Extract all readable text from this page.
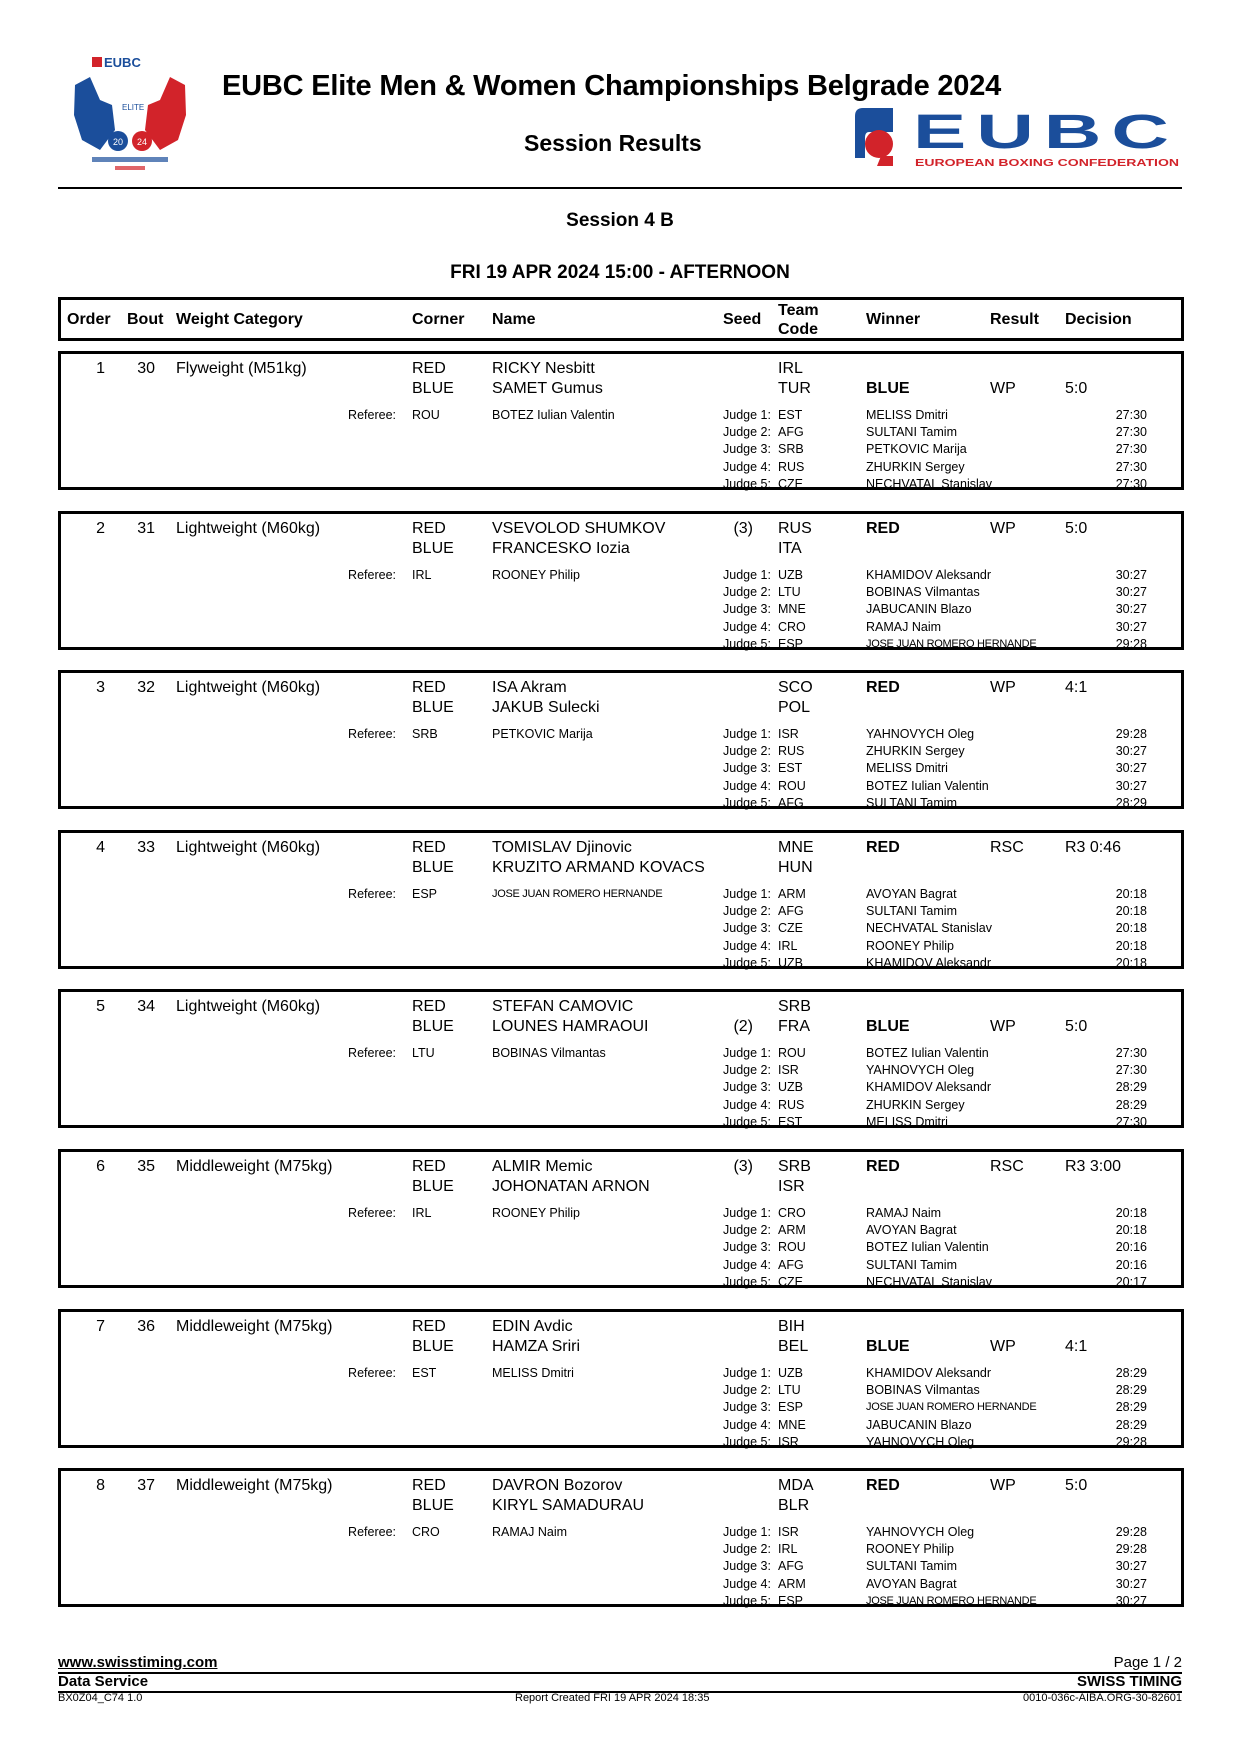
EUBC
ELITE
20 24
EUBC Elite Men & Women Championships Belgrade 2024
Session Results	EUBC
EUROPEAN BOXING CONFEDERATION
Session 4 B
FRI 19 APR 2024 15:00 - AFTERNOON
Order Bout Weight Category	Corner Name	Seed
Team
Code
Winner	Result Decision
1	30 Flyweight (M51kg)	RED	RICKY Nesbitt	IRL
BLUE SAMET Gumus	TUR	BLUE	WP	5:0
Referee: ROU	BOTEZ Iulian Valentin	Judge 1: EST	MELISS Dmitri	27:30
Judge 2: AFG	SULTANI Tamim	27:30
Judge 3: SRB	PETKOVIC Marija	27:30
Judge 4: RUS	ZHURKIN Sergey	27:30
Judge 5: CZE	NECHVATAL Stanislav	27:30
2	31 Lightweight (M60kg)	RED	VSEVOLOD SHUMKOV	(3) RUS
BLUE FRANCESKO Iozia	ITA
RED	WP	5:0
Referee: IRL	ROONEY Philip	Judge 1: UZB	KHAMIDOV Aleksandr	30:27
Judge 2: LTU	BOBINAS Vilmantas	30:27
Judge 3: MNE	JABUCANIN Blazo	30:27
Judge 4: CRO	RAMAJ Naim	30:27
Judge 5: ESP	JOSE JUAN ROMERO HERNANDE	29:28
3	32 Lightweight (M60kg)	RED	ISA Akram	SCO
BLUE JAKUB Sulecki	POL
RED	WP	4:1
Referee: SRB	PETKOVIC Marija	Judge 1: ISR	YAHNOVYCH Oleg	29:28
Judge 2: RUS	ZHURKIN Sergey	30:27
Judge 3: EST	MELISS Dmitri	30:27
Judge 4: ROU	BOTEZ Iulian Valentin	30:27
Judge 5: AFG	SULTANI Tamim	28:29
4	33 Lightweight (M60kg)	RED	TOMISLAV Djinovic	MNE
BLUE KRUZITO ARMAND KOVACS	HUN
RED	RSC	R3 0:46
Referee: ESP	JOSE JUAN ROMERO HERNANDE	Judge 1: ARM	AVOYAN Bagrat	20:18
Judge 2: AFG	SULTANI Tamim	20:18
Judge 3: CZE	NECHVATAL Stanislav	20:18
Judge 4: IRL	ROONEY Philip	20:18
Judge 5: UZB	KHAMIDOV Aleksandr	20:18
5	34 Lightweight (M60kg)	RED	STEFAN CAMOVIC	SRB
BLUE LOUNES HAMRAOUI	(2) FRA	BLUE	WP	5:0
Referee: LTU	BOBINAS Vilmantas	Judge 1: ROU	BOTEZ Iulian Valentin	27:30
Judge 2: ISR	YAHNOVYCH Oleg	27:30
Judge 3: UZB	KHAMIDOV Aleksandr	28:29
Judge 4: RUS	ZHURKIN Sergey	28:29
Judge 5: EST	MELISS Dmitri	27:30
6	35 Middleweight (M75kg)	RED	ALMIR Memic	(3) SRB
BLUE JOHONATAN ARNON	ISR
RED	RSC	R3 3:00
Referee: IRL	ROONEY Philip	Judge 1: CRO	RAMAJ Naim	20:18
Judge 2: ARM	AVOYAN Bagrat	20:18
Judge 3: ROU	BOTEZ Iulian Valentin	20:16
Judge 4: AFG	SULTANI Tamim	20:16
Judge 5: CZE	NECHVATAL Stanislav	20:17
7	36 Middleweight (M75kg)	RED	EDIN Avdic	BIH
BLUE HAMZA Sriri	BEL	BLUE	WP	4:1
Referee: EST	MELISS Dmitri	Judge 1: UZB	KHAMIDOV Aleksandr	28:29
Judge 2: LTU	BOBINAS Vilmantas	28:29
Judge 3: ESP	JOSE JUAN ROMERO HERNANDE	28:29
Judge 4: MNE	JABUCANIN Blazo	28:29
Judge 5: ISR	YAHNOVYCH Oleg	29:28
8	37 Middleweight (M75kg)	RED	DAVRON Bozorov	MDA
BLUE KIRYL SAMADURAU	BLR
RED	WP	5:0
Referee: CRO	RAMAJ Naim	Judge 1: ISR	YAHNOVYCH Oleg	29:28
Judge 2: IRL	ROONEY Philip	29:28
Judge 3: AFG	SULTANI Tamim	30:27
Judge 4: ARM	AVOYAN Bagrat	30:27
Judge 5: ESP	JOSE JUAN ROMERO HERNANDE	30:27
www.swisstiming.com	Page 1 / 2
Data Service	SWISS TIMING
BX0Z04_C74 1.0	Report Created FRI 19 APR 2024 18:35	0010-036c-AIBA.ORG-30-82601
